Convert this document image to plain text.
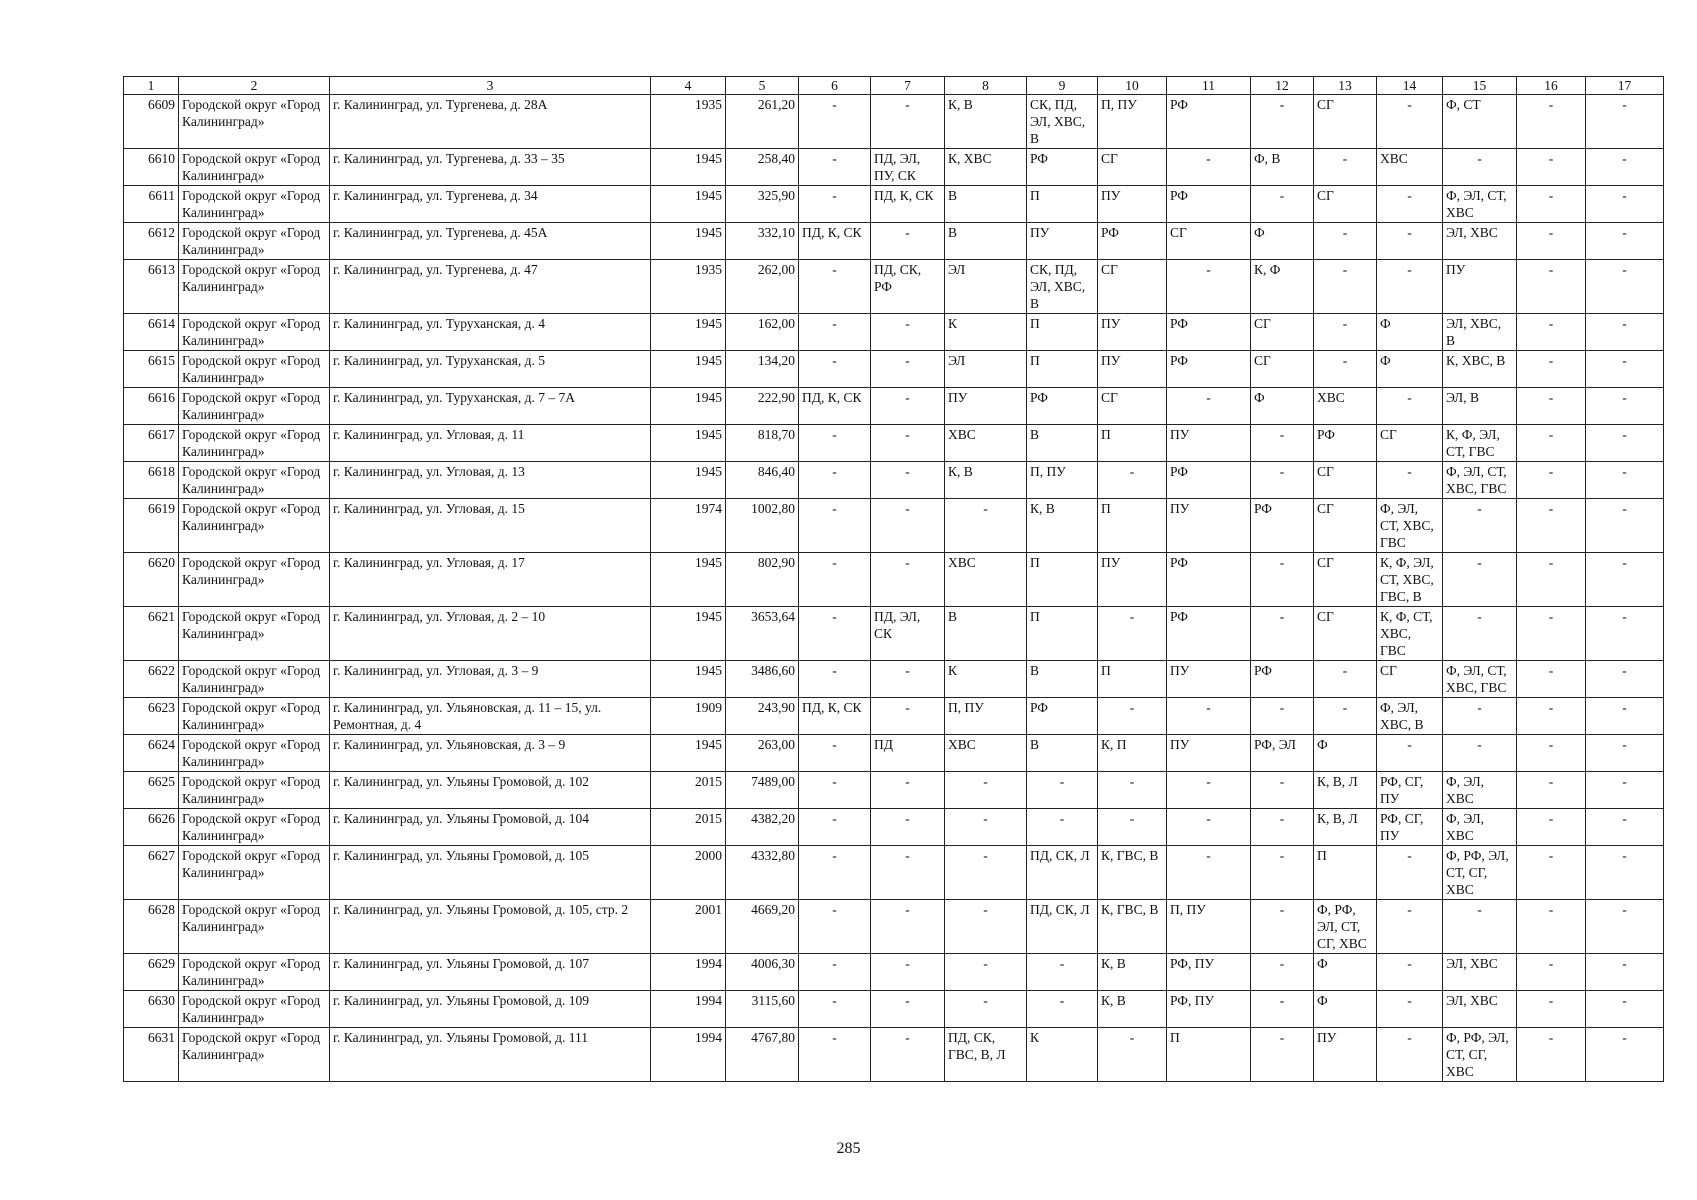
1	2	3	4	5	6	7	8	9	10	11	12	13	14	15	16	17
6609	Городской округ «Город Калининград»	г. Калининград, ул. Тургенева, д. 28А	1935	261,20	-	-	К, В	СК, ПД, ЭЛ, ХВС, В	П, ПУ	РФ	-	СГ	-	Ф, СТ	-	-
6610	Городской округ «Город Калининград»	г. Калининград, ул. Тургенева, д. 33 – 35	1945	258,40	-	ПД, ЭЛ, ПУ, СК	К, ХВС	РФ	СГ	-	Ф, В	-	ХВС	-	-	-
6611	Городской округ «Город Калининград»	г. Калининград, ул. Тургенева, д. 34	1945	325,90	-	ПД, К, СК	В	П	ПУ	РФ	-	СГ	-	Ф, ЭЛ, СТ, ХВС	-	-
6612	Городской округ «Город Калининград»	г. Калининград, ул. Тургенева, д. 45А	1945	332,10	ПД, К, СК	-	В	ПУ	РФ	СГ	Ф	-	-	ЭЛ, ХВС	-	-
6613	Городской округ «Город Калининград»	г. Калининград, ул. Тургенева, д. 47	1935	262,00	-	ПД, СК, РФ	ЭЛ	СК, ПД, ЭЛ, ХВС, В	СГ	-	К, Ф	-	-	ПУ	-	-
6614	Городской округ «Город Калининград»	г. Калининград, ул. Туруханская, д. 4	1945	162,00	-	-	К	П	ПУ	РФ	СГ	-	Ф	ЭЛ, ХВС, В	-	-
6615	Городской округ «Город Калининград»	г. Калининград, ул. Туруханская, д. 5	1945	134,20	-	-	ЭЛ	П	ПУ	РФ	СГ	-	Ф	К, ХВС, В	-	-
6616	Городской округ «Город Калининград»	г. Калининград, ул. Туруханская, д. 7 – 7А	1945	222,90	ПД, К, СК	-	ПУ	РФ	СГ	-	Ф	ХВС	-	ЭЛ, В	-	-
6617	Городской округ «Город Калининград»	г. Калининград, ул. Угловая, д. 11	1945	818,70	-	-	ХВС	В	П	ПУ	-	РФ	СГ	К, Ф, ЭЛ, СТ, ГВС	-	-
6618	Городской округ «Город Калининград»	г. Калининград, ул. Угловая, д. 13	1945	846,40	-	-	К, В	П, ПУ	-	РФ	-	СГ	-	Ф, ЭЛ, СТ, ХВС, ГВС	-	-
6619	Городской округ «Город Калининград»	г. Калининград, ул. Угловая, д. 15	1974	1002,80	-	-	-	К, В	П	ПУ	РФ	СГ	Ф, ЭЛ, СТ, ХВС, ГВС	-	-	-
6620	Городской округ «Город Калининград»	г. Калининград, ул. Угловая, д. 17	1945	802,90	-	-	ХВС	П	ПУ	РФ	-	СГ	К, Ф, ЭЛ, СТ, ХВС, ГВС, В	-	-	-
6621	Городской округ «Город Калининград»	г. Калининград, ул. Угловая, д. 2 – 10	1945	3653,64	-	ПД, ЭЛ, СК	В	П	-	РФ	-	СГ	К, Ф, СТ, ХВС, ГВС	-	-	-
6622	Городской округ «Город Калининград»	г. Калининград, ул. Угловая, д. 3 – 9	1945	3486,60	-	-	К	В	П	ПУ	РФ	-	СГ	Ф, ЭЛ, СТ, ХВС, ГВС	-	-
6623	Городской округ «Город Калининград»	г. Калининград, ул. Ульяновская, д. 11 – 15, ул. Ремонтная, д. 4	1909	243,90	ПД, К, СК	-	П, ПУ	РФ	-	-	-	-	Ф, ЭЛ, ХВС, В	-	-	-
6624	Городской округ «Город Калининград»	г. Калининград, ул. Ульяновская, д. 3 – 9	1945	263,00	-	ПД	ХВС	В	К, П	ПУ	РФ, ЭЛ	Ф	-	-	-	-
6625	Городской округ «Город Калининград»	г. Калининград, ул. Ульяны Громовой, д. 102	2015	7489,00	-	-	-	-	-	-	-	К, В, Л	РФ, СГ, ПУ	Ф, ЭЛ, ХВС	-	-
6626	Городской округ «Город Калининград»	г. Калининград, ул. Ульяны Громовой, д. 104	2015	4382,20	-	-	-	-	-	-	-	К, В, Л	РФ, СГ, ПУ	Ф, ЭЛ, ХВС	-	-
6627	Городской округ «Город Калининград»	г. Калининград, ул. Ульяны Громовой, д. 105	2000	4332,80	-	-	-	ПД, СК, Л	К, ГВС, В	-	-	П	-	Ф, РФ, ЭЛ, СТ, СГ, ХВС	-	-
6628	Городской округ «Город Калининград»	г. Калининград, ул. Ульяны Громовой, д. 105, стр. 2	2001	4669,20	-	-	-	ПД, СК, Л	К, ГВС, В	П, ПУ	-	Ф, РФ, ЭЛ, СТ, СГ, ХВС	-	-	-	-
6629	Городской округ «Город Калининград»	г. Калининград, ул. Ульяны Громовой, д. 107	1994	4006,30	-	-	-	-	К, В	РФ, ПУ	-	Ф	-	ЭЛ, ХВС	-	-
6630	Городской округ «Город Калининград»	г. Калининград, ул. Ульяны Громовой, д. 109	1994	3115,60	-	-	-	-	К, В	РФ, ПУ	-	Ф	-	ЭЛ, ХВС	-	-
6631	Городской округ «Город Калининград»	г. Калининград, ул. Ульяны Громовой, д. 111	1994	4767,80	-	-	ПД, СК, ГВС, В, Л	К	-	П	-	ПУ	-	Ф, РФ, ЭЛ, СТ, СГ, ХВС	-	-
285
